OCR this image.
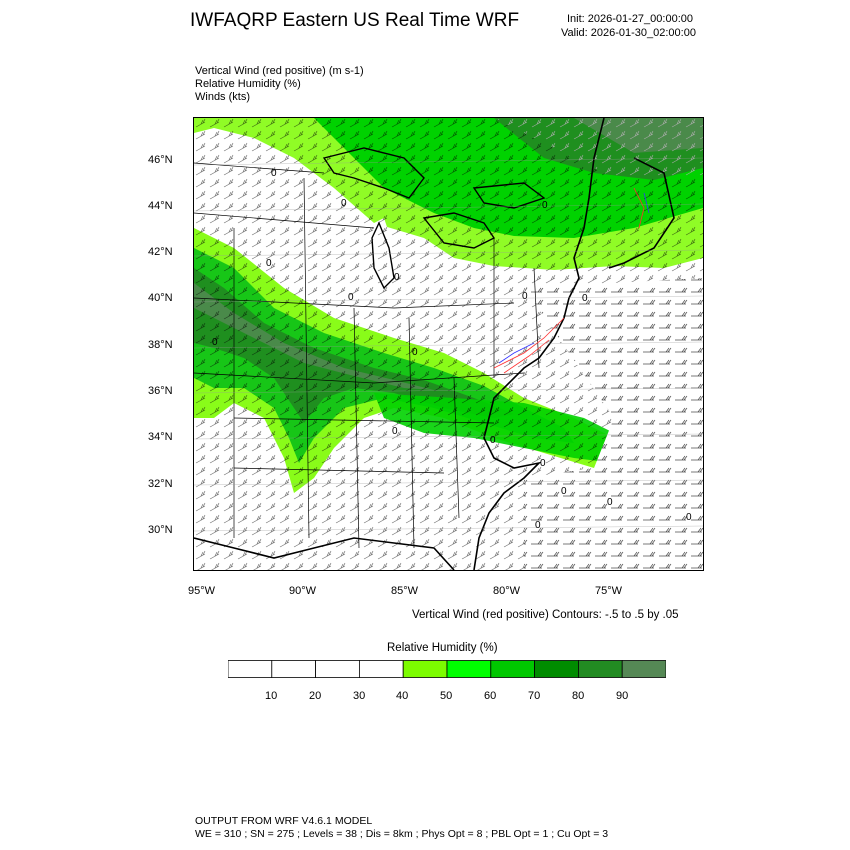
IWFAQRP Eastern US Real Time WRF	Init: 2026-01-27_00:00:00
Valid: 2026-01-30_02:00:00
Vertical Wind (red positive) (m s-1)
Relative Humidity (%)
Winds (kts)
0
0
0
0
0
0
0
0
0
0
0
0
0
0
0
0
0
46°N
44°N
42°N
40°N
38°N
36°N
34°N
32°N
30°N
95°W	90°W	85°W	80°W	75°W
Vertical Wind (red positive) Contours: -.5 to .5 by .05
Relative Humidity (%)
10	20	30	40	50	60	70	80	90
OUTPUT FROM WRF V4.6.1 MODEL
WE = 310 ; SN = 275 ; Levels = 38 ; Dis = 8km ; Phys Opt = 8 ; PBL Opt = 1 ; Cu Opt = 3
